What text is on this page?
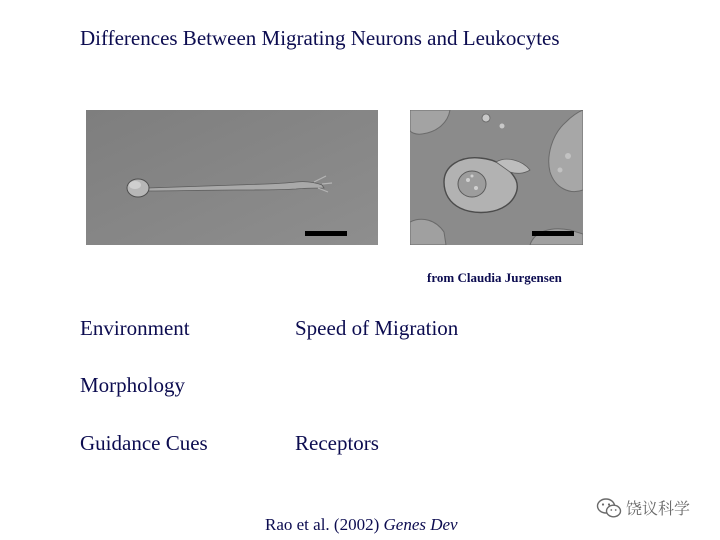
Differences Between Migrating Neurons and Leukocytes
from Claudia Jurgensen
Environment	Speed of Migration
Morphology
Guidance Cues	Receptors
Rao et al. (2002) Genes Dev
饶议科学
